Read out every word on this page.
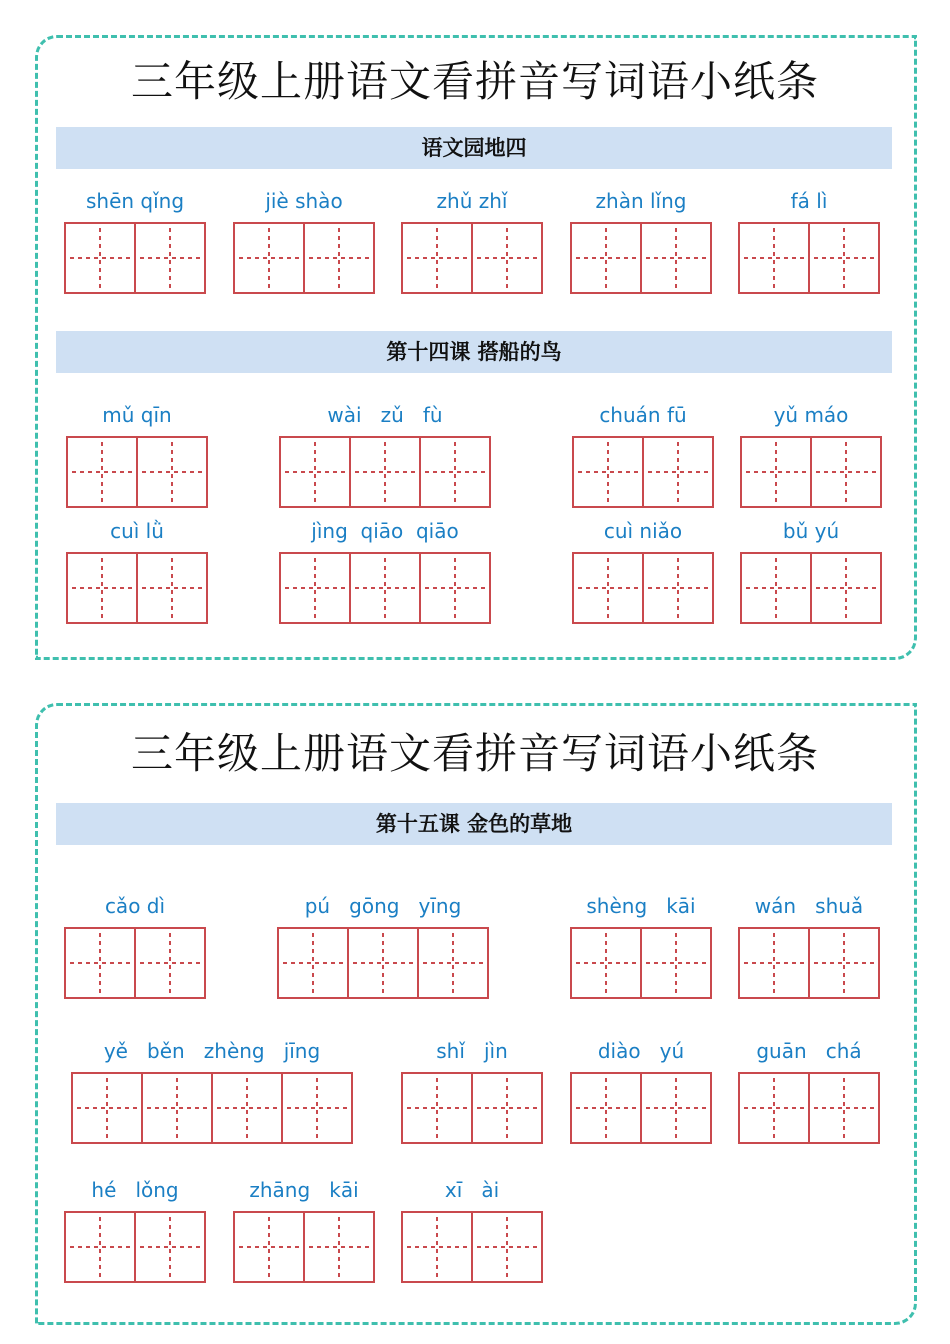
三年级上册语文看拼音写词语小纸条
语文园地四
第十四课 搭船的鸟
三年级上册语文看拼音写词语小纸条
第十五课 金色的草地
shēn qǐng	jiè shào	zhǔ zhǐ	zhàn lǐng	fá lì
mǔ qīn	wài   zǔ   fù	chuán fū	yǔ máo
cuì lǜ	jìng  qiāo  qiāo	cuì niǎo	bǔ yú
cǎo dì	pú   gōng   yīng	shèng   kāi	wán   shuǎ
yě   běn   zhèng   jīng	shǐ   jìn	diào   yú	guān   chá
hé   lǒng	zhāng   kāi	xī   ài
